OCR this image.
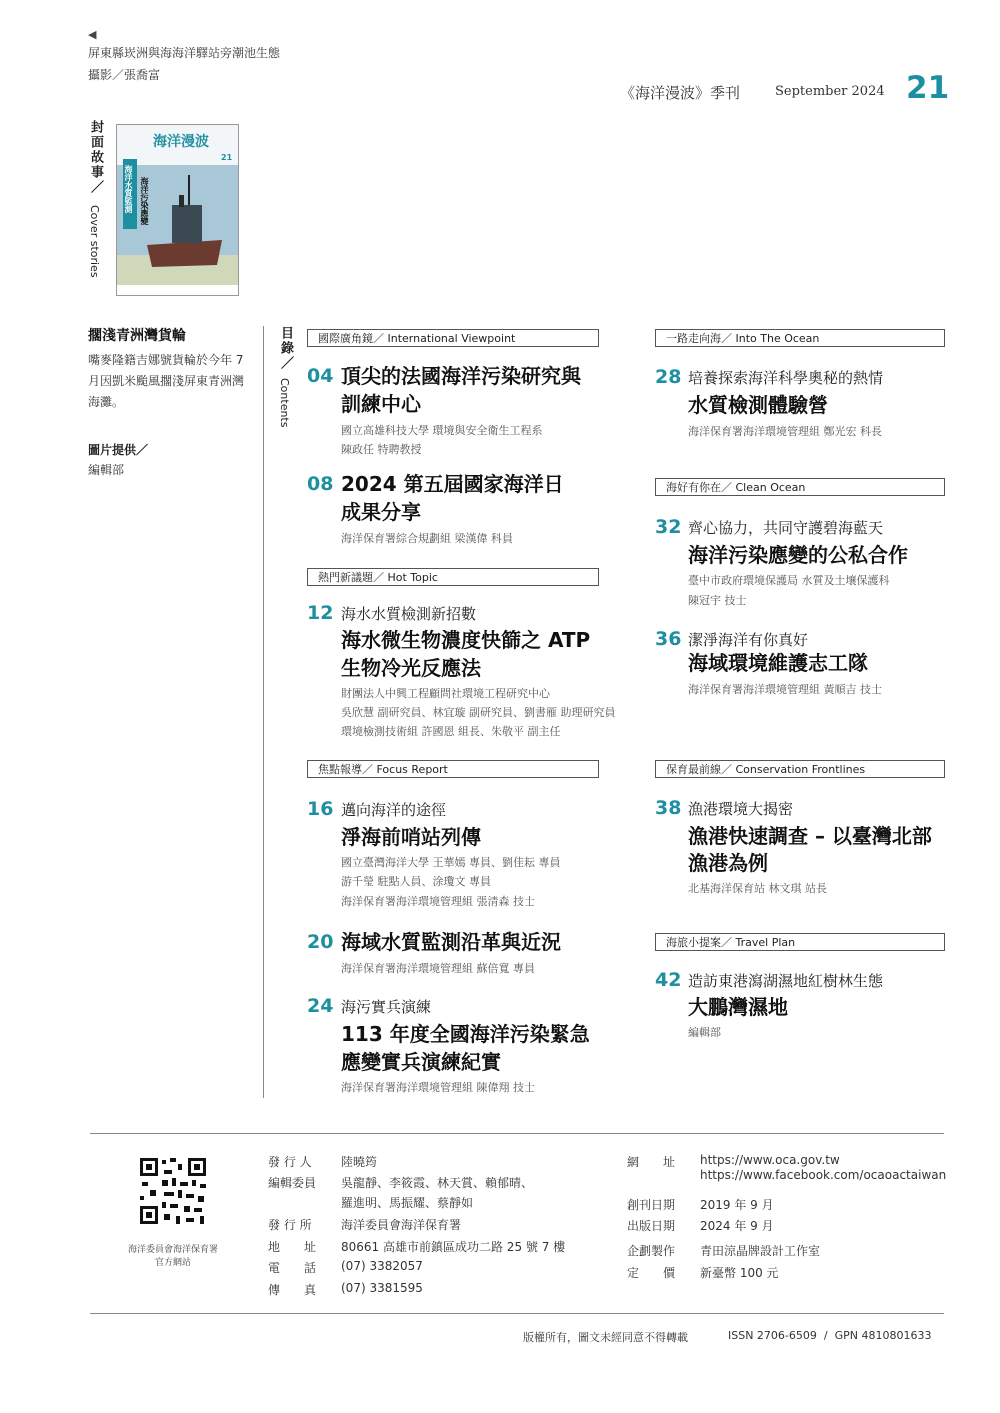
◀
屏東縣崁洲與海海洋驛站旁潮池生態
攝影／張喬富
《海洋漫波》季刊	September 2024 21
封面故事／
Cover stories
海洋漫波
21
海洋水質監測 海洋污染應變
擱淺青洲灣貨輪
嘴麥隆籍吉娜號貨輪於今年 7 月因凱米颱風擱淺屏東青洲灣海灘。
圖片提供／
編輯部
目錄／
Contents
國際廣角鏡／ International Viewpoint
熱門新議題／ Hot Topic
焦點報導／ Focus Report
一路走向海／ Into The Ocean
海好有你在／ Clean Ocean
保育最前線／ Conservation Frontlines
海旅小提案／ Travel Plan
04 頂尖的法國海洋污染研究與
訓練中心
國立高雄科技大學 環境與安全衛生工程系
陳政任 特聘教授
08 2024 第五屆國家海洋日
成果分享
海洋保育署綜合規劃組 梁漢偉 科員
12 海水水質檢測新招數
海水微生物濃度快篩之 ATP
生物冷光反應法
財團法人中興工程顧問社環境工程研究中心
吳欣慧 副研究員、林宜璇 副研究員、劉書雁 助理研究員
環境檢測技術組 許國恩 組長、朱敬平 副主任
16 邁向海洋的途徑
淨海前哨站列傳
國立臺灣海洋大學 王華嫣 專員、劉佳耘 專員
游千瑩 駐點人員、涂瓊文 專員
海洋保育署海洋環境管理組 張清森 技士
20 海域水質監測沿革與近況
海洋保育署海洋環境管理組 蘇倍寬 專員
24 海污實兵演練
113 年度全國海洋污染緊急
應變實兵演練紀實
海洋保育署海洋環境管理組 陳偉翔 技士
28 培養探索海洋科學奧秘的熱情
水質檢測體驗營
海洋保育署海洋環境管理組 鄭光宏 科長
32 齊心協力，共同守護碧海藍天
海洋污染應變的公私合作
臺中市政府環境保護局 水質及土壤保護科
陳冠宇 技士
36 潔淨海洋有你真好
海域環境維護志工隊
海洋保育署海洋環境管理組 黃順吉 技士
38 漁港環境大揭密
漁港快速調查 – 以臺灣北部
漁港為例
北基海洋保育站 林文琪 站長
42 造訪東港瀉湖濕地紅樹林生態
大鵬灣濕地
編輯部
海洋委員會海洋保育署
官方網站
發 行 人 陸曉筠
編輯委員 吳龍靜、李筱霞、林天賞、賴郁晴、
羅進明、馬振耀、蔡靜如
發 行 所 海洋委員會海洋保育署
地　　址 80661 高雄市前鎮區成功二路 25 號 7 樓
電　　話 (07) 3382057
傳　　真 (07) 3381595
網　　址 https://www.oca.gov.tw
https://www.facebook.com/ocaoactaiwan
創刊日期 2019 年 9 月
出版日期 2024 年 9 月
企劃製作 青田涼晶牌設計工作室
定　　價 新臺幣 100 元
版權所有，圖文未經同意不得轉載	ISSN 2706-6509  /  GPN 4810801633
